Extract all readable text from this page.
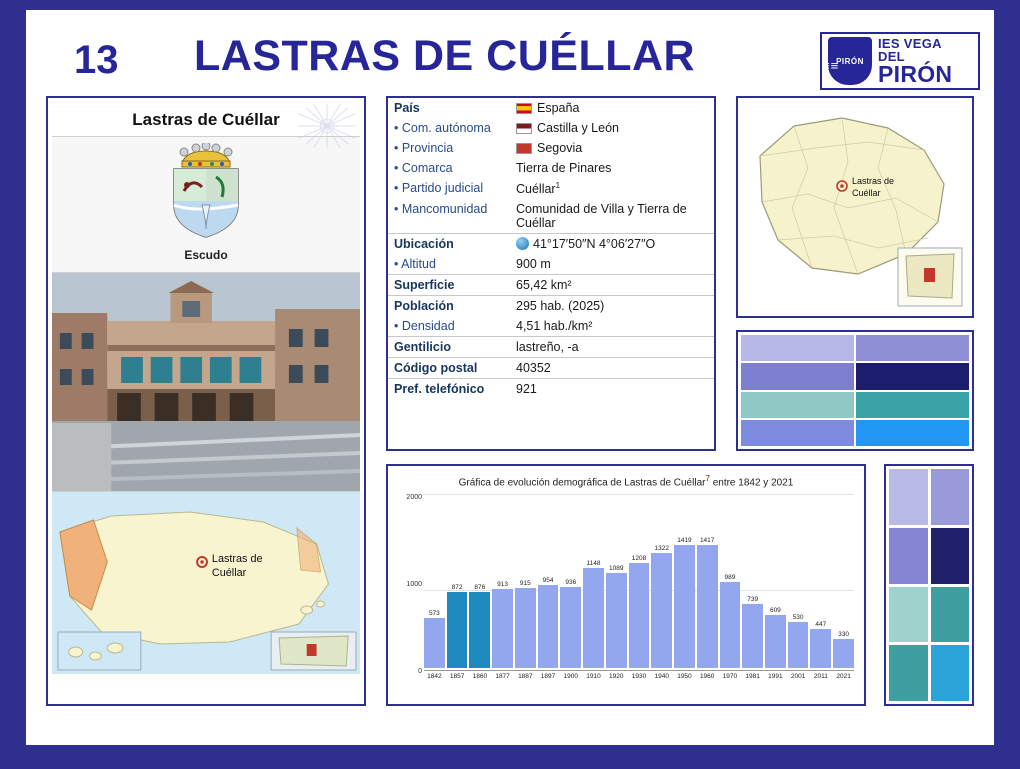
13 LASTRAS DE CUÉLLAR	≡≡
PIRÓN
IES VEGA DEL
PIRÓN
Lastras de Cuéllar
Escudo
Lastras de
Cuéllar
País	España
• Com. autónoma	Castilla y León
• Provincia	Segovia
• Comarca	Tierra de Pinares
• Partido judicial	Cuéllar$^1$
• Mancomunidad	Comunidad de Villa y Tierra de Cuéllar
Ubicación	41°17′50″N 4°06′27″O
• Altitud	900 m
Superficie	65,42 km²
Población	295 hab. (2025)
• Densidad	4,51 hab./km²
Gentilicio	lastreño, -a
Código postal	40352
Pref. telefónico	921
Lastras de
Cuéllar
Gráfica de evolución demográfica de Lastras de Cuéllar$^7$ entre 1842 y 2021
0
1000
2000
573
872 876 913 915 954 936
1148
1089
1208
1322
1419 1417
989
739
609
530
447
330
1842	1857	1860	1877	1887	1897	1900	1910	1920	1930	1940	1950	1960	1970	1981	1991	2001	2011	2021
